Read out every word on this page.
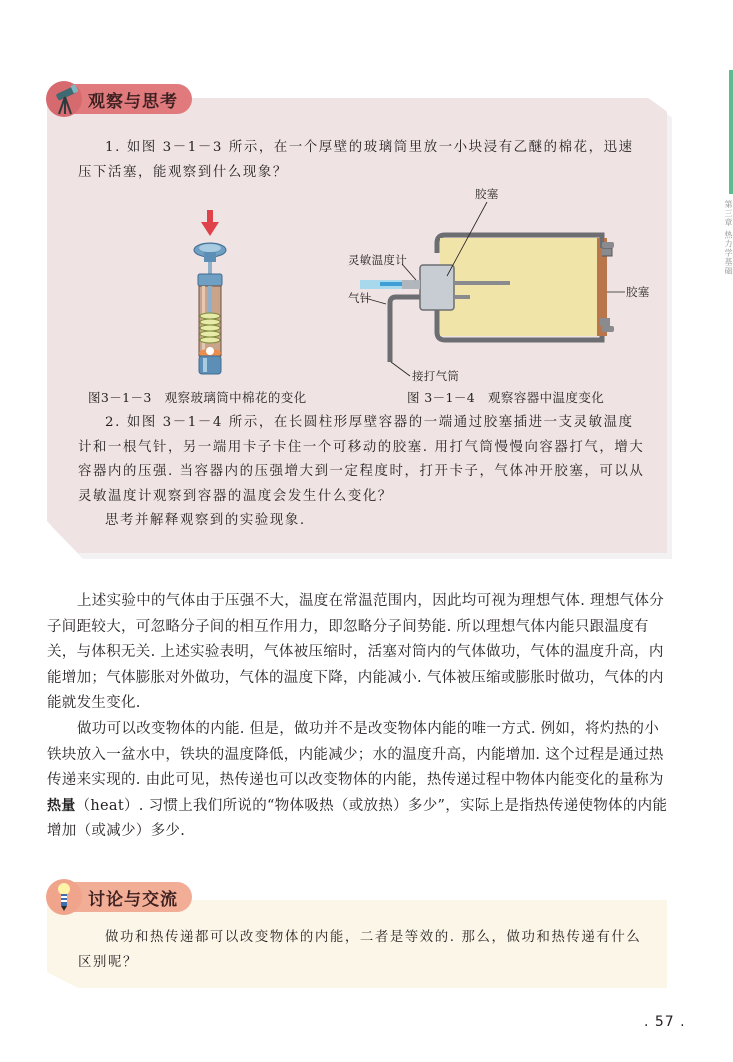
第三章 热力学基础
观察与思考

1. 如图 3－1－3 所示，在一个厚壁的玻璃筒里放一小块浸有乙醚的棉花，迅速压下活塞，能观察到什么现象？

胶塞
灵敏温度计
气针	胶塞
接打气筒
图3－1－3　观察玻璃筒中棉花的变化	图 3－1－4　观察容器中温度变化

2. 如图 3－1－4 所示，在长圆柱形厚壁容器的一端通过胶塞插进一支灵敏温度计和一根气针，另一端用卡子卡住一个可移动的胶塞. 用打气筒慢慢向容器打气，增大容器内的压强. 当容器内的压强增大到一定程度时，打开卡子，气体冲开胶塞，可以从灵敏温度计观察到容器的温度会发生什么变化？

思考并解释观察到的实验现象.

上述实验中的气体由于压强不大，温度在常温范围内，因此均可视为理想气体. 理想气体分子间距较大，可忽略分子间的相互作用力，即忽略分子间势能. 所以理想气体内能只跟温度有关，与体积无关. 上述实验表明，气体被压缩时，活塞对筒内的气体做功，气体的温度升高，内能增加；气体膨胀对外做功，气体的温度下降，内能减小. 气体被压缩或膨胀时做功，气体的内能就发生变化.

做功可以改变物体的内能. 但是，做功并不是改变物体内能的唯一方式. 例如，将灼热的小铁块放入一盆水中，铁块的温度降低，内能减少；水的温度升高，内能增加. 这个过程是通过热传递来实现的. 由此可见，热传递也可以改变物体的内能，热传递过程中物体内能变化的量称为热量（heat）. 习惯上我们所说的“物体吸热（或放热）多少”，实际上是指热传递使物体的内能增加（或减少）多少.

讨论与交流

做功和热传递都可以改变物体的内能，二者是等效的. 那么，做功和热传递有什么区别呢？

. 57 .
